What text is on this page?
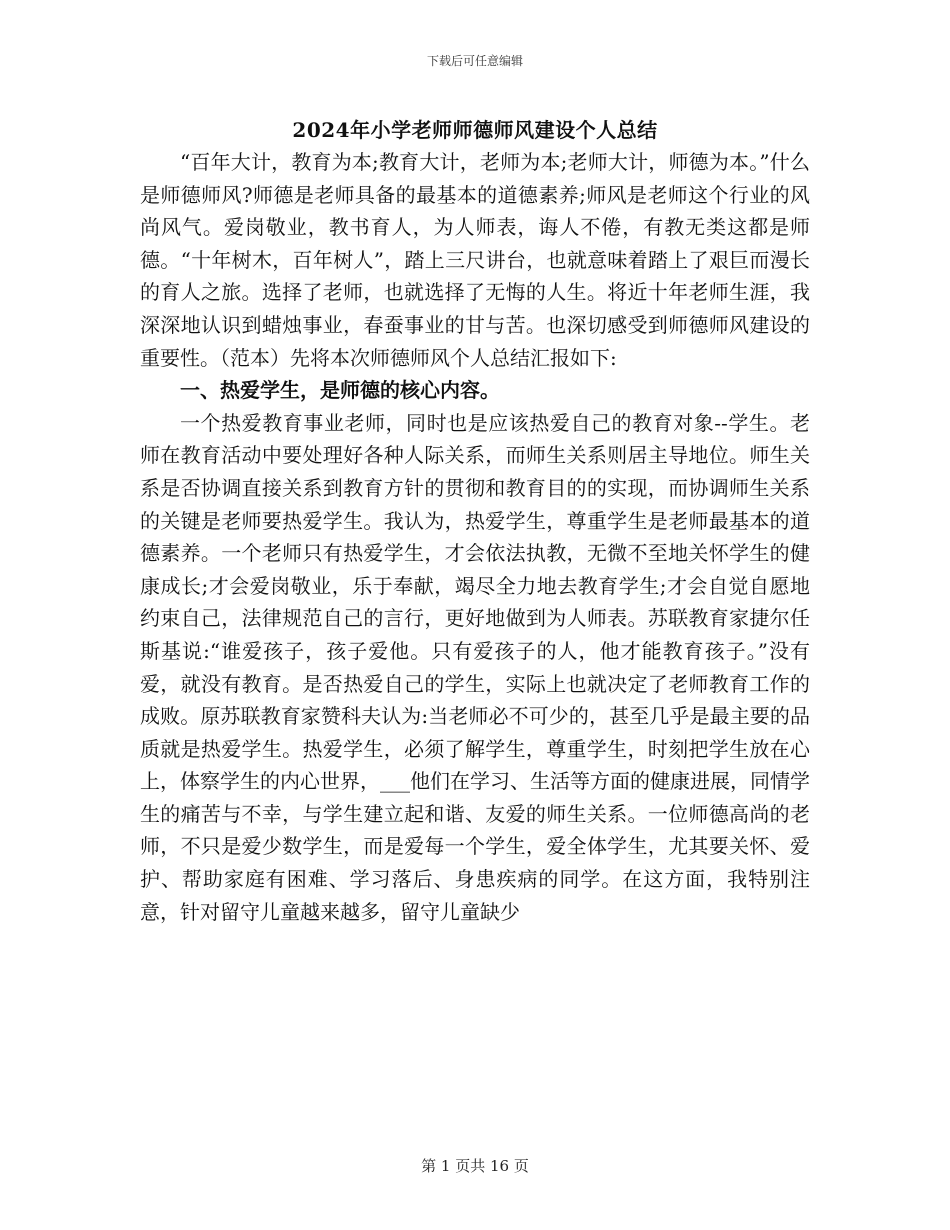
下载后可任意编辑
2024年小学老师师德师风建设个人总结

“百年大计，教育为本;教育大计，老师为本;老师大计，师德为本。”什么是师德师风?师德是老师具备的最基本的道德素养;师风是老师这个行业的风尚风气。爱岗敬业，教书育人，为人师表，诲人不倦，有教无类这都是师德。“十年树木，百年树人”，踏上三尺讲台，也就意味着踏上了艰巨而漫长的育人之旅。选择了老师，也就选择了无悔的人生。将近十年老师生涯，我深深地认识到蜡烛事业，春蚕事业的甘与苦。也深切感受到师德师风建设的重要性。（范本）先将本次师德师风个人总结汇报如下:

一、热爱学生，是师德的核心内容。

一个热爱教育事业老师，同时也是应该热爱自己的教育对象--学生。老师在教育活动中要处理好各种人际关系，而师生关系则居主导地位。师生关系是否协调直接关系到教育方针的贯彻和教育目的的实现，而协调师生关系的关键是老师要热爱学生。我认为，热爱学生，尊重学生是老师最基本的道德素养。一个老师只有热爱学生，才会依法执教，无微不至地关怀学生的健康成长;才会爱岗敬业，乐于奉献，竭尽全力地去教育学生;才会自觉自愿地约束自己，法律规范自己的言行，更好地做到为人师表。苏联教育家捷尔任斯基说:“谁爱孩子，孩子爱他。只有爱孩子的人，他才能教育孩子。”没有爱，就没有教育。是否热爱自己的学生，实际上也就决定了老师教育工作的成败。原苏联教育家赞科夫认为:当老师必不可少的，甚至几乎是最主要的品质就是热爱学生。热爱学生，必须了解学生，尊重学生，时刻把学生放在心上，体察学生的内心世界，___他们在学习、生活等方面的健康进展，同情学生的痛苦与不幸，与学生建立起和谐、友爱的师生关系。一位师德高尚的老师，不只是爱少数学生，而是爱每一个学生，爱全体学生，尤其要关怀、爱护、帮助家庭有困难、学习落后、身患疾病的同学。在这方面，我特别注意，针对留守儿童越来越多，留守儿童缺少

第 1 页共 16 页
